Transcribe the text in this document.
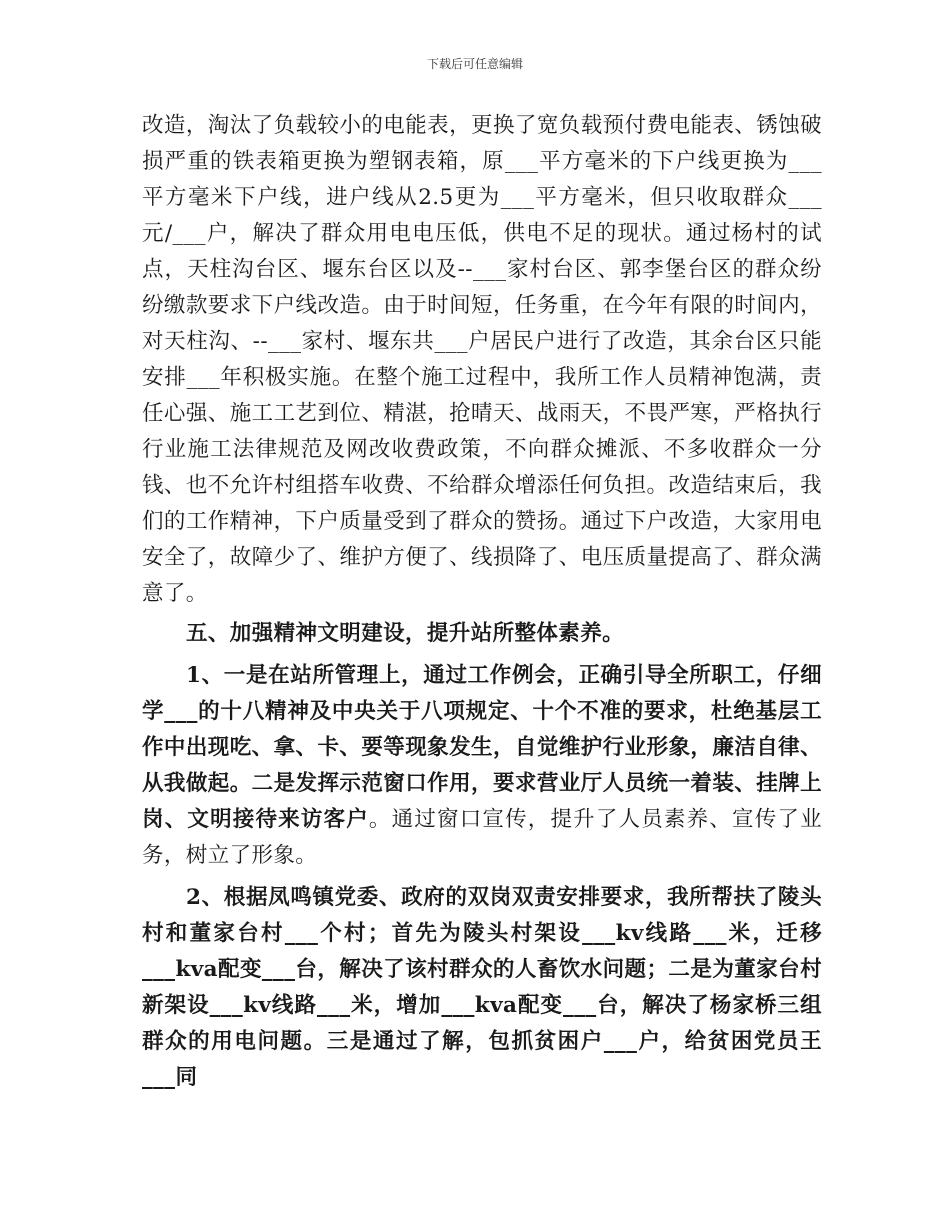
下载后可任意编辑

改造，淘汰了负载较小的电能表，更换了宽负载预付费电能表、锈蚀破损严重的铁表箱更换为塑钢表箱，原___平方毫米的下户线更换为___平方毫米下户线，进户线从2.5更为___平方毫米，但只收取群众___元/___户，解决了群众用电电压低，供电不足的现状。通过杨村的试点，天柱沟台区、堰东台区以及--___家村台区、郭李堡台区的群众纷纷缴款要求下户线改造。由于时间短，任务重，在今年有限的时间内，对天柱沟、--___家村、堰东共___户居民户进行了改造，其余台区只能安排___年积极实施。在整个施工过程中，我所工作人员精神饱满，责任心强、施工工艺到位、精湛，抢晴天、战雨天，不畏严寒，严格执行行业施工法律规范及网改收费政策，不向群众摊派、不多收群众一分钱、也不允许村组搭车收费、不给群众增添任何负担。改造结束后，我们的工作精神，下户质量受到了群众的赞扬。通过下户改造，大家用电安全了，故障少了、维护方便了、线损降了、电压质量提高了、群众满意了。

五、加强精神文明建设，提升站所整体素养。

1、一是在站所管理上，通过工作例会，正确引导全所职工，仔细学___的十八精神及中央关于八项规定、十个不准的要求，杜绝基层工作中出现吃、拿、卡、要等现象发生，自觉维护行业形象，廉洁自律、从我做起。二是发挥示范窗口作用，要求营业厅人员统一着装、挂牌上岗、文明接待来访客户。通过窗口宣传，提升了人员素养、宣传了业务，树立了形象。

2、根据凤鸣镇党委、政府的双岗双责安排要求，我所帮扶了陵头村和董家台村___个村；首先为陵头村架设___kv线路___米，迁移___kva配变___台，解决了该村群众的人畜饮水问题；二是为董家台村新架设___kv线路___米，增加___kva配变___台，解决了杨家桥三组群众的用电问题。三是通过了解，包抓贫困户___户，给贫困党员王___同
